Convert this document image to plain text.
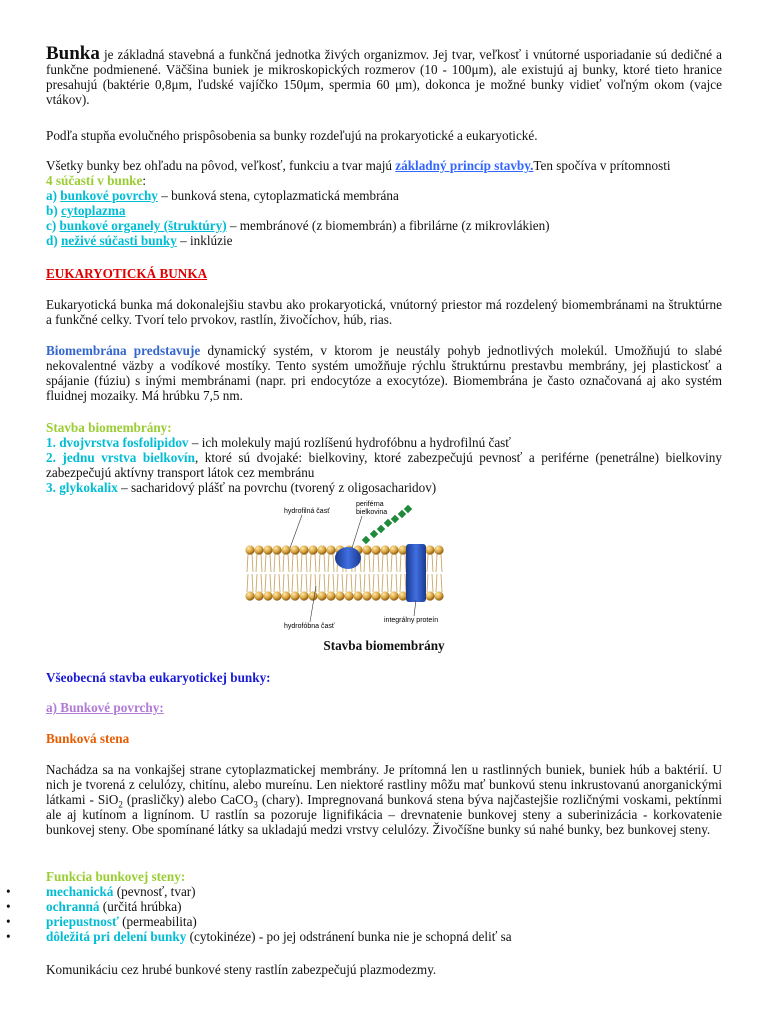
Bunka je základná stavebná a funkčná jednotka živých organizmov. Jej tvar, veľkosť i vnútorné usporiadanie sú dedičné a funkčne podmienené. Väčšina buniek je mikroskopických rozmerov (10 - 100μm), ale existujú aj bunky, ktoré tieto hranice presahujú (baktérie 0,8μm, ľudské vajíčko 150μm, spermia 60 μm), dokonca je možné bunky vidieť voľným okom (vajce vtákov).
Podľa stupňa evolučného prispôsobenia sa bunky rozdeľujú na prokaryotické a eukaryotické.
Všetky bunky bez ohľadu na pôvod, veľkosť, funkciu a tvar majú základný princíp stavby.Ten spočíva v prítomnosti
4 súčastí v bunke:
a) bunkové povrchy – bunková stena, cytoplazmatická membrána
b) cytoplazma
c) bunkové organely (štruktúry) – membránové (z biomembrán) a fibrilárne (z mikrovlákien)
d) neživé súčasti bunky – inklúzie
EUKARYOTICKÁ BUNKA
Eukaryotická bunka má dokonalejšiu stavbu ako prokaryotická, vnútorný priestor má rozdelený biomembránami na štruktúrne a funkčné celky. Tvorí telo prvokov, rastlín, živočíchov, húb, rias.
Biomembrána predstavuje dynamický systém, v ktorom je neustály pohyb jednotlivých molekúl. Umožňujú to slabé nekovalentné väzby a vodíkové mostíky. Tento systém umožňuje rýchlu štruktúrnu prestavbu membrány, jej plastickosť a spájanie (fúziu) s inými membránami (napr. pri endocytóze a exocytóze). Biomembrána je často označovaná aj ako systém fluidnej mozaiky. Má hrúbku 7,5 nm.
Stavba biomembrány:
1. dvojvrstva fosfolipidov – ich molekuly majú rozlíšenú hydrofóbnu a hydrofilnú časť
2. jednu vrstva bielkovín, ktoré sú dvojaké: bielkoviny, ktoré zabezpečujú pevnosť a periférne (penetrálne) bielkoviny zabezpečujú aktívny transport látok cez membránu
3. glykokalix – sacharidový plášť na povrchu (tvorený z oligosacharidov)
hydrofilná časť
periférna
bielkovina
hydrofóbna časť
integrálny proteín
Stavba biomembrány
Všeobecná stavba eukaryotickej bunky:
a) Bunkové povrchy:
Bunková stena
Nachádza sa na vonkajšej strane cytoplazmatickej membrány. Je prítomná len u rastlinných buniek, buniek húb a baktérií. U nich je tvorená z celulózy, chitínu, alebo mureínu. Len niektoré rastliny môžu mať bunkovú stenu inkrustovanú anorganickými látkami - SiO$_2$ (prasličky) alebo CaCO$_3$ (chary). Impregnovaná bunková stena býva najčastejšie rozličnými voskami, pektínmi ale aj kutínom a lignínom. U rastlín sa pozoruje lignifikácia – drevnatenie bunkovej steny a suberinizácia - korkovatenie bunkovej steny. Obe spomínané látky sa ukladajú medzi vrstvy celulózy. Živočíšne bunky sú nahé bunky, bez bunkovej steny.
Funkcia bunkovej steny:
•	mechanická (pevnosť, tvar)
•	ochranná (určitá hrúbka)
•	priepustnosť (permeabilita)
•	dôležitá pri delení bunky (cytokinéze) - po jej odstránení bunka nie je schopná deliť sa
Komunikáciu cez hrubé bunkové steny rastlín zabezpečujú plazmodezmy.
